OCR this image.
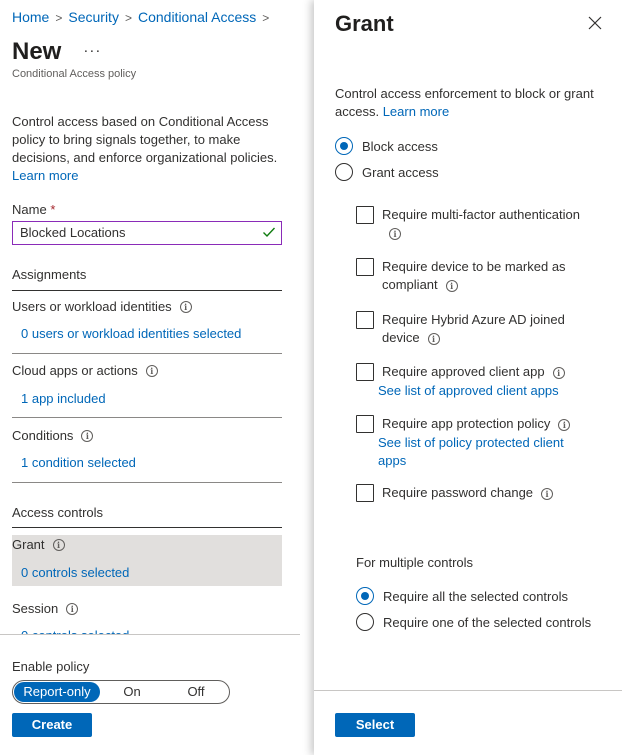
Home > Security > Conditional Access >
New ···
Conditional Access policy
Control access based on Conditional Access policy to bring signals together, to make decisions, and enforce organizational policies.
Learn more
Name *
Blocked Locations
Assignments
Users or workload identities	i
0 users or workload identities selected
Cloud apps or actions	i
1 app included
Conditions	i
1 condition selected
Access controls
Grant	i
0 controls selected
Session	i
Enable policy
Report-only	On	Off
Create
Grant
Control access enforcement to block or grant access. Learn more
Block access
Grant access
Require multi-factor authentication
i
Require device to be marked as
compliant i
Require Hybrid Azure AD joined
device i
Require approved client app i
See list of approved client apps
Require app protection policy i
See list of policy protected client
apps
Require password change i
For multiple controls
Require all the selected controls
Require one of the selected controls
Select
